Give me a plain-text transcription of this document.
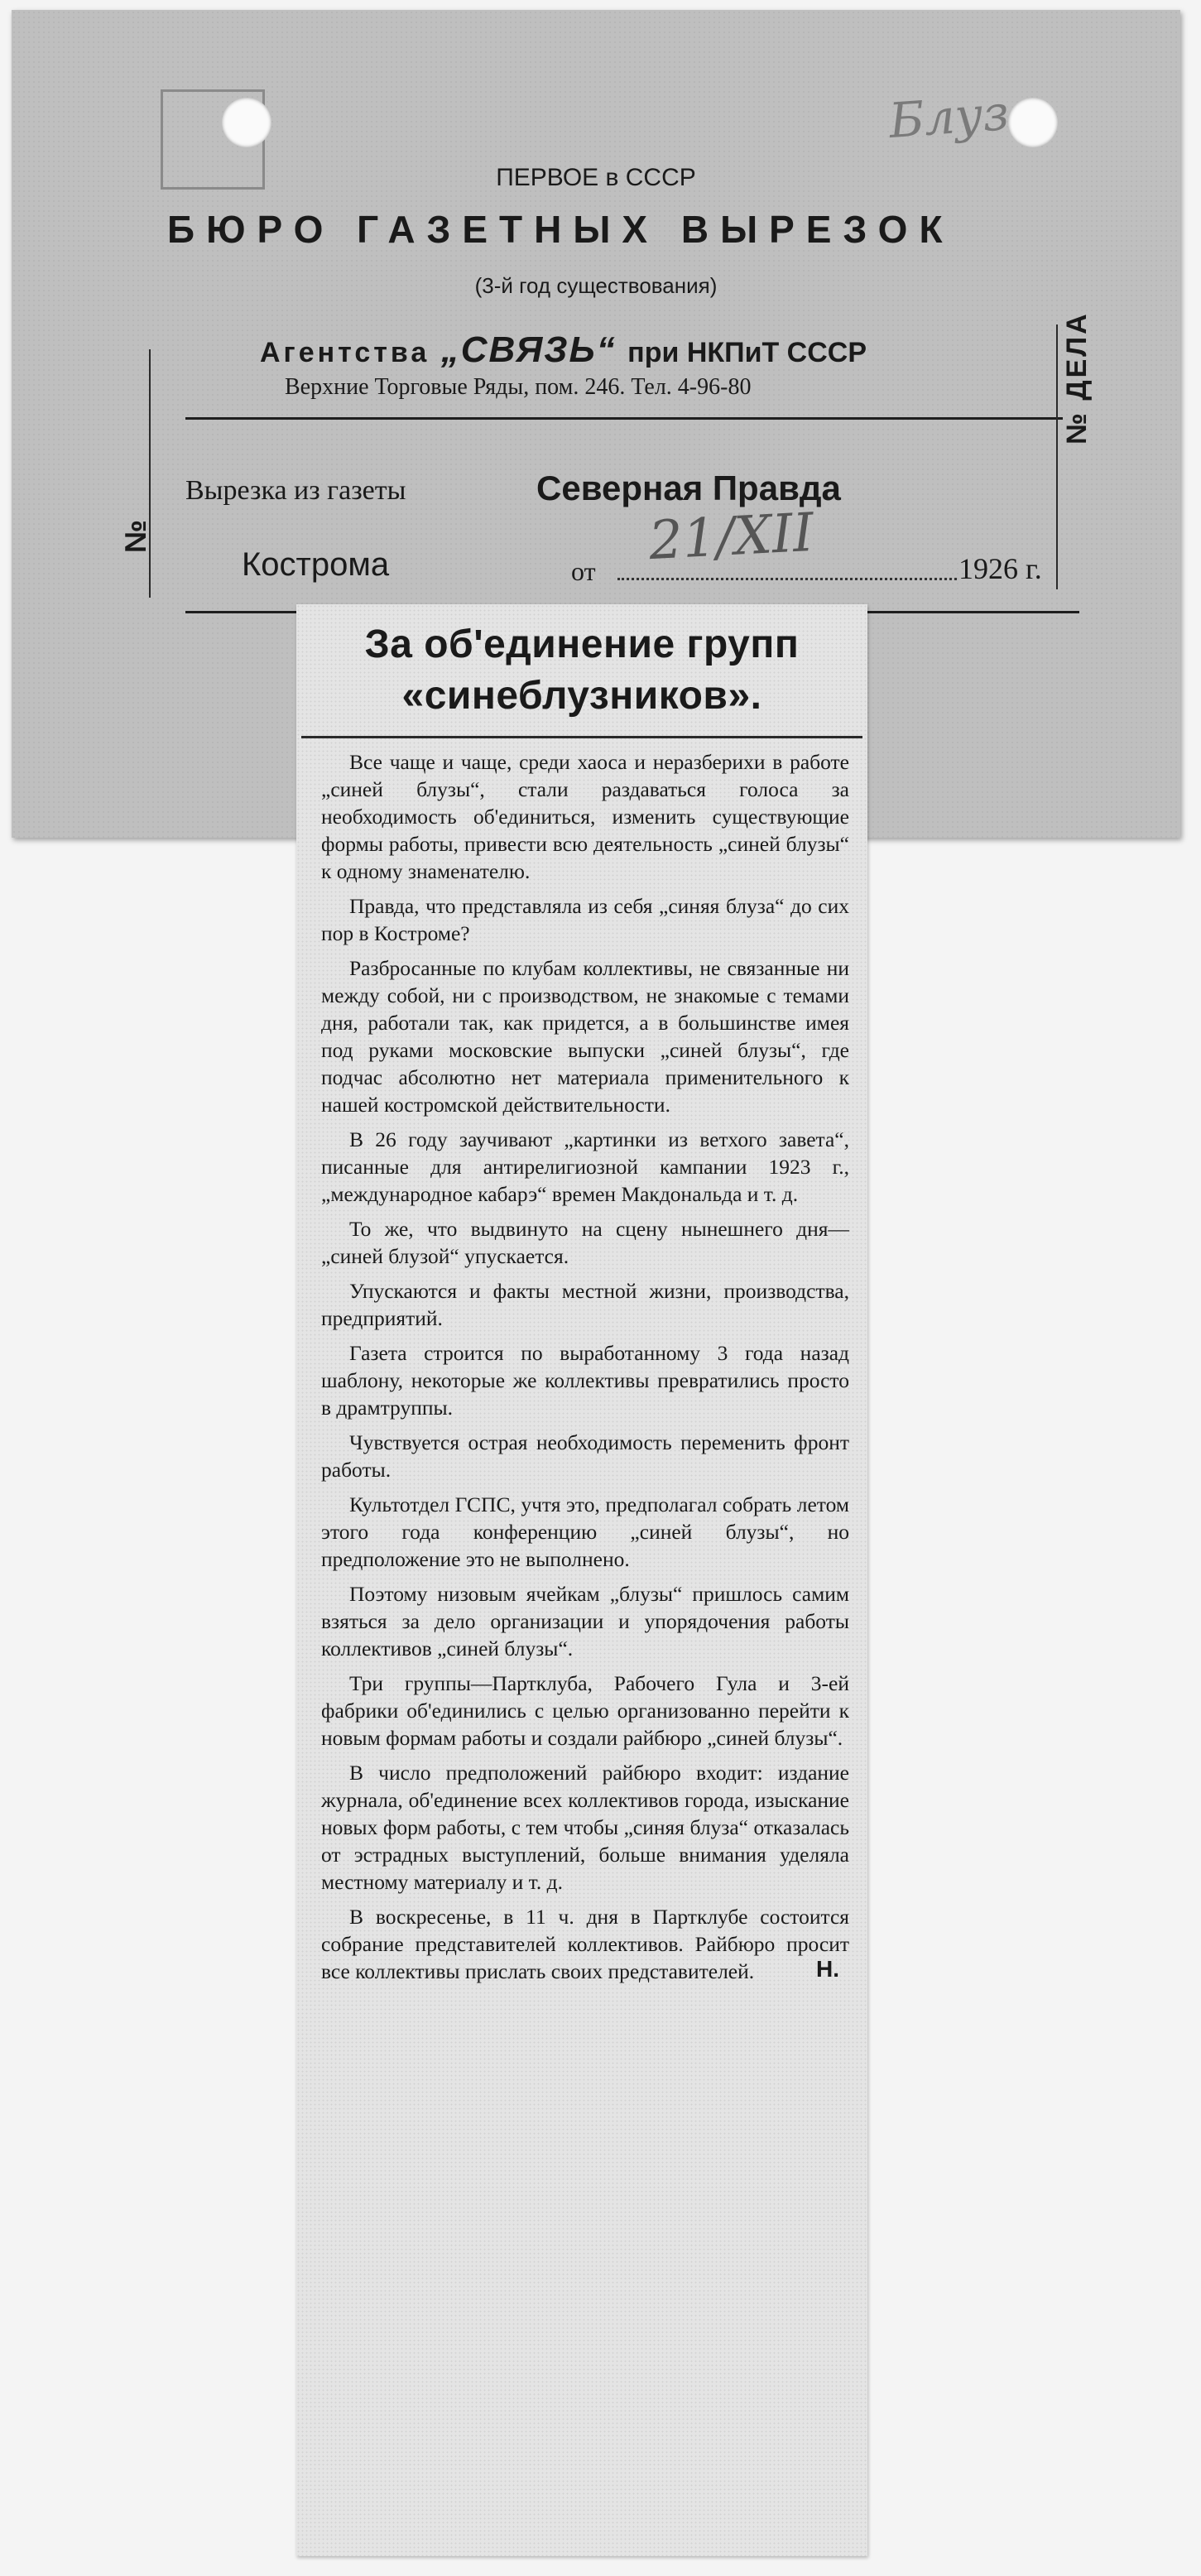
Блуз
ПЕРВОЕ в СССР
БЮРО ГАЗЕТНЫХ ВЫРЕЗОК
(3-й год существования)
Агентства „СВЯЗЬ“ при НКПиТ СССР
Верхние Торговые Ряды, пом. 246. Тел. 4-96-80
№
№ ДЕЛА
Вырезка из газеты	Северная Правда
Кострома	от 21/XII	1926 г.
За об'единение групп «синеблузников».

Все чаще и чаще, среди хаоса и неразберихи в работе „синей блузы“, стали раздаваться голоса за необходимость об'единиться, изменить существующие формы работы, привести всю деятельность „синей блузы“ к одному знаменателю.

Правда, что представляла из себя „синяя блуза“ до сих пор в Костроме?

Разбросанные по клубам коллективы, не связанные ни между собой, ни с производством, не знакомые с темами дня, работали так, как придется, а в большинстве имея под руками московские выпуски „синей блузы“, где подчас абсолютно нет материала применительного к нашей костромской действительности.

В 26 году заучивают „картинки из ветхого завета“, писанные для антирелигиозной кампании 1923 г., „международное кабарэ“ времен Макдональда и т. д.

То же, что выдвинуто на сцену нынешнего дня—„синей блузой“ упускается.

Упускаются и факты местной жизни, производства, предприятий.

Газета строится по выработанному 3 года назад шаблону, некоторые же коллективы превратились просто в драмтруппы.

Чувствуется острая необходимость переменить фронт работы.

Культотдел ГСПС, учтя это, предполагал собрать летом этого года конференцию „синей блузы“, но предположение это не выполнено.

Поэтому низовым ячейкам „блузы“ пришлось самим взяться за дело организации и упорядочения работы коллективов „синей блузы“.

Три группы—Партклуба, Рабочего Гула и 3-ей фабрики об'единились с целью организованно перейти к новым формам работы и создали райбюро „синей блузы“.

В число предположений райбюро входит: издание журнала, об'единение всех коллективов города, изыскание новых форм работы, с тем чтобы „синяя блуза“ отказалась от эстрадных выступлений, больше внимания уделяла местному материалу и т. д.

В воскресенье, в 11 ч. дня в Партклубе состоится собрание представителей коллективов. Райбюро просит все коллективы прислать своих представителей.	Н.
